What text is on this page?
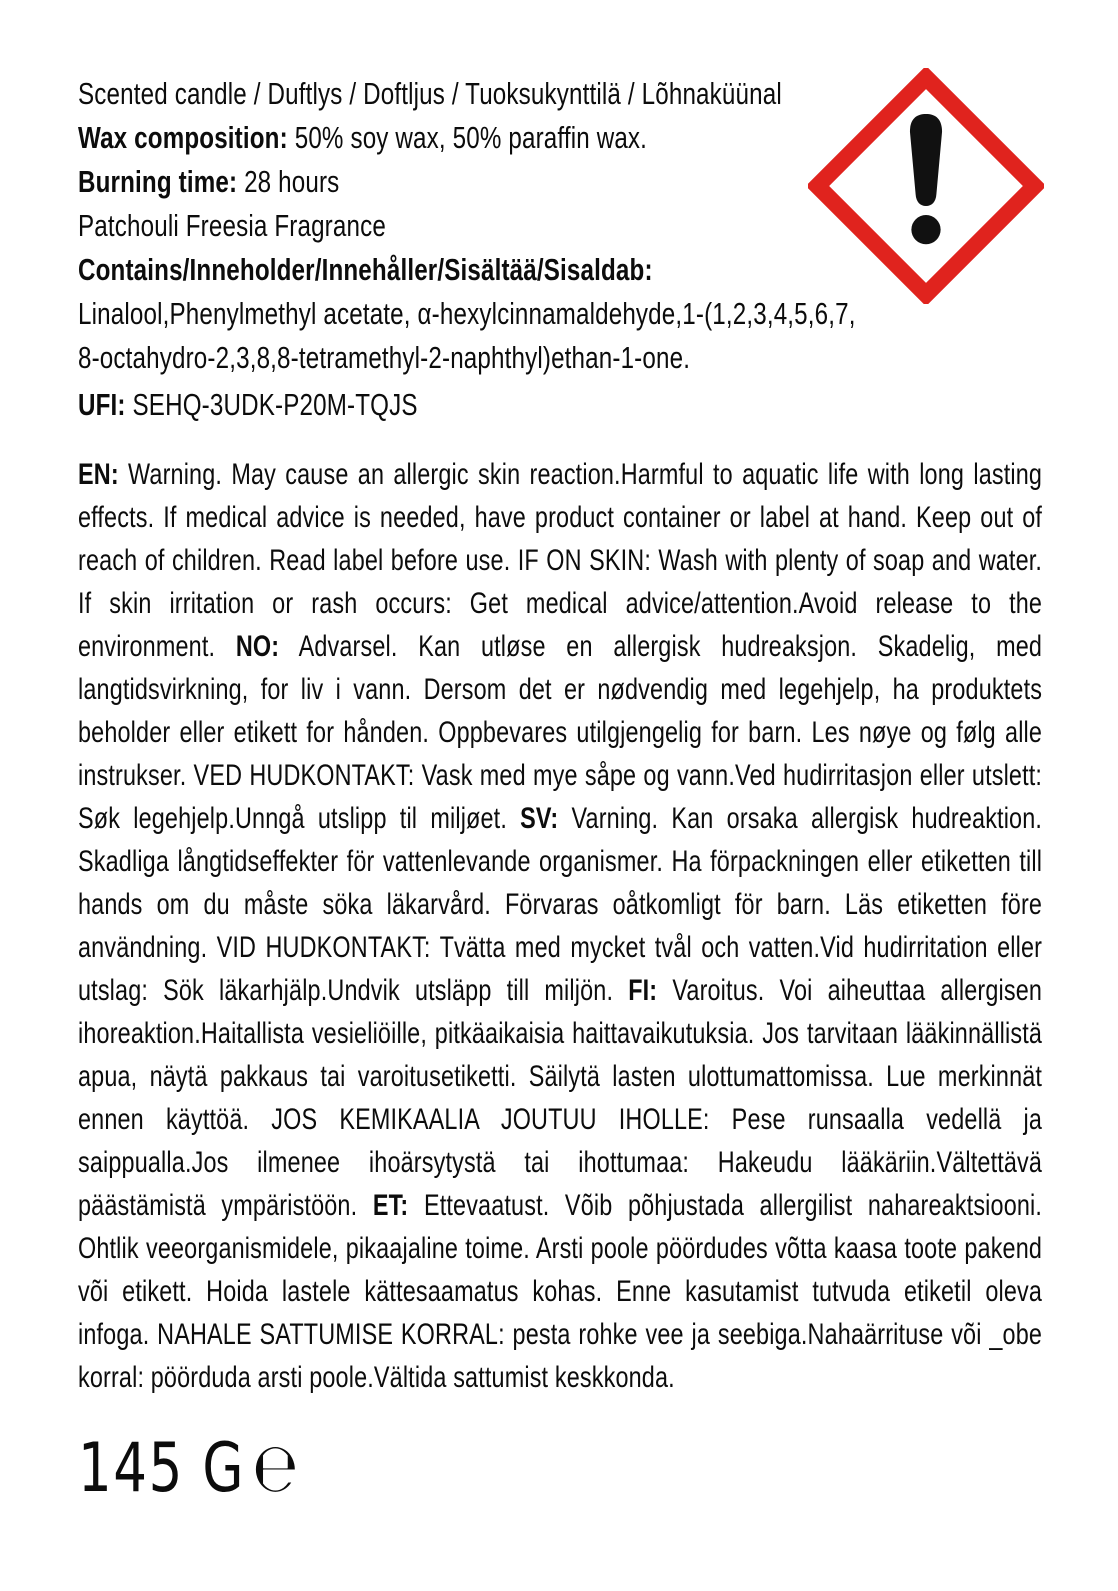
Scented candle / Duftlys / Doftljus / Tuoksukynttilä / Lõhnaküünal
Wax composition: 50% soy wax, 50% paraffin wax.
Burning time: 28 hours
Patchouli Freesia Fragrance
Contains/Inneholder/Innehåller/Sisältää/Sisaldab:
Linalool,Phenylmethyl acetate, α-hexylcinnamaldehyde,1-(1,2,3,4,5,6,7,
8-octahydro-2,3,8,8-tetramethyl-2-naphthyl)ethan-1-one.
UFI: SEHQ-3UDK-P20M-TQJS

EN: Warning. May cause an allergic skin reaction.Harmful to aquatic life with long lasting effects. If medical advice is needed, have product container or label at hand. Keep out of reach of children. Read label before use. IF ON SKIN: Wash with plenty of soap and water. If skin irritation or rash occurs: Get medical advice/attention.Avoid release to the environment. NO: Advarsel. Kan utløse en allergisk hudreaksjon. Skadelig, med langtidsvirkning, for liv i vann. Dersom det er nødvendig med legehjelp, ha produktets beholder eller etikett for hånden. Oppbevares utilgjengelig for barn. Les nøye og følg alle instrukser. VED HUDKONTAKT: Vask med mye såpe og vann.Ved hudirritasjon eller utslett: Søk legehjelp.Unngå utslipp til miljøet. SV: Varning. Kan orsaka allergisk hudreaktion. Skadliga långtidseffekter för vattenlevande organismer. Ha förpackningen eller etiketten till hands om du måste söka läkarvård. Förvaras oåtkomligt för barn. Läs etiketten före användning. VID HUDKONTAKT: Tvätta med mycket tvål och vatten.Vid hudirritation eller utslag: Sök läkarhjälp.Undvik utsläpp till miljön. FI: Varoitus. Voi aiheuttaa allergisen ihoreaktion.Haitallista vesieliöille, pitkäaikaisia haittavaikutuksia. Jos tarvitaan lääkinnällistä apua, näytä pakkaus tai varoitusetiketti. Säilytä lasten ulottumattomissa. Lue merkinnät ennen käyttöä. JOS KEMIKAALIA JOUTUU IHOLLE: Pese runsaalla vedellä ja saippualla.Jos ilmenee ihoärsytystä tai ihottumaa: Hakeudu lääkäriin.Vältettävä päästämistä ympäristöön. ET: Ettevaatust. Võib põhjustada allergilist nahareaktsiooni. Ohtlik veeorganismidele, pikaajaline toime. Arsti poole pöördudes võtta kaasa toote pakend või etikett. Hoida lastele kättesaamatus kohas. Enne kasutamist tutvuda etiketil oleva infoga. NAHALE SATTUMISE KORRAL: pesta rohke vee ja seebiga.Nahaärrituse või _obe korral: pöörduda arsti poole.Vältida sattumist keskkonda.

145 G ℮
